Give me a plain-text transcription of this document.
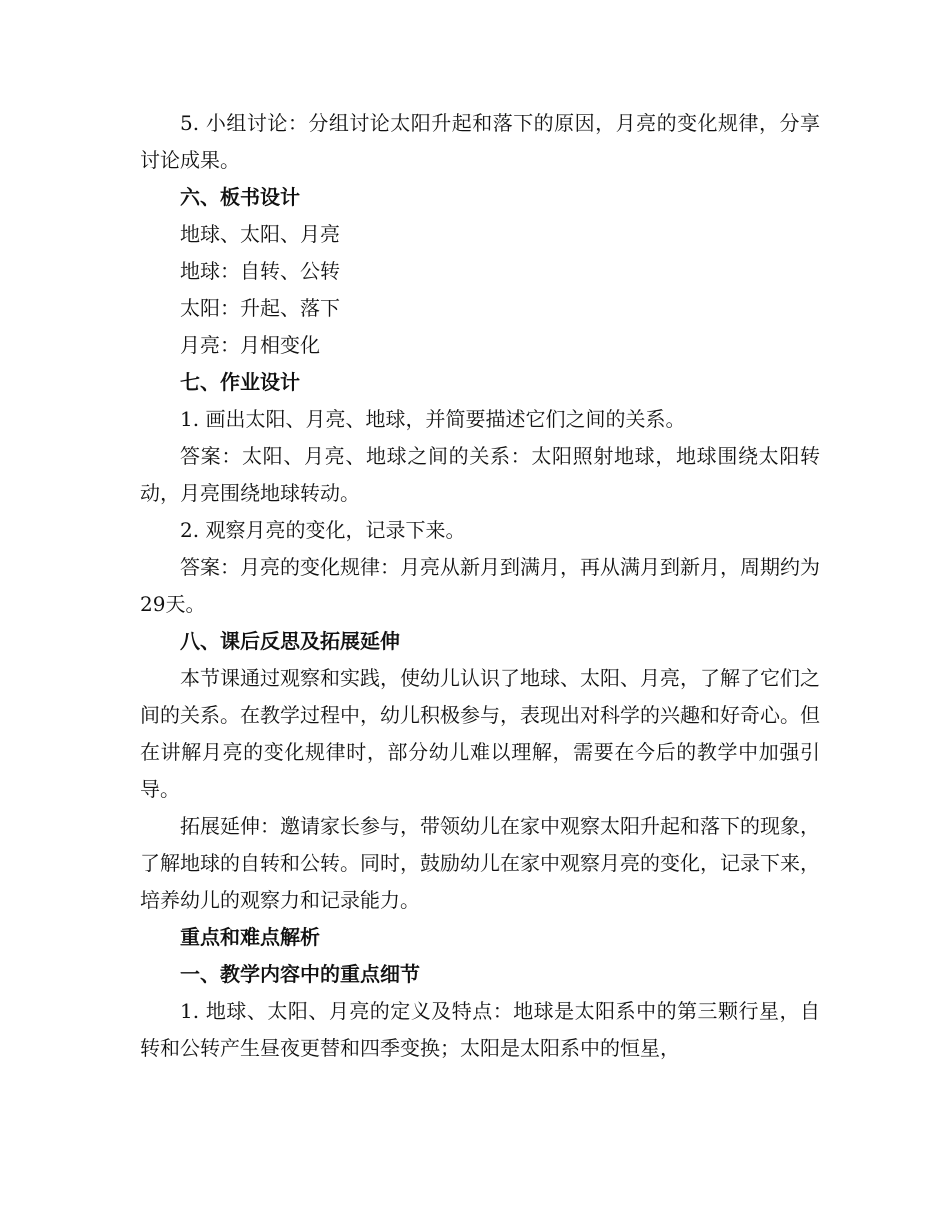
5. 小组讨论：分组讨论太阳升起和落下的原因，月亮的变化规律，分享讨论成果。

六、板书设计

地球、太阳、月亮

地球：自转、公转

太阳：升起、落下

月亮：月相变化

七、作业设计

1. 画出太阳、月亮、地球，并简要描述它们之间的关系。

答案：太阳、月亮、地球之间的关系：太阳照射地球，地球围绕太阳转动，月亮围绕地球转动。

2. 观察月亮的变化，记录下来。

答案：月亮的变化规律：月亮从新月到满月，再从满月到新月，周期约为29天。

八、课后反思及拓展延伸

本节课通过观察和实践，使幼儿认识了地球、太阳、月亮，了解了它们之间的关系。在教学过程中，幼儿积极参与，表现出对科学的兴趣和好奇心。但在讲解月亮的变化规律时，部分幼儿难以理解，需要在今后的教学中加强引导。

拓展延伸：邀请家长参与，带领幼儿在家中观察太阳升起和落下的现象，了解地球的自转和公转。同时，鼓励幼儿在家中观察月亮的变化，记录下来，培养幼儿的观察力和记录能力。

重点和难点解析

一、教学内容中的重点细节

1. 地球、太阳、月亮的定义及特点：地球是太阳系中的第三颗行星，自转和公转产生昼夜更替和四季变换；太阳是太阳系中的恒星，
